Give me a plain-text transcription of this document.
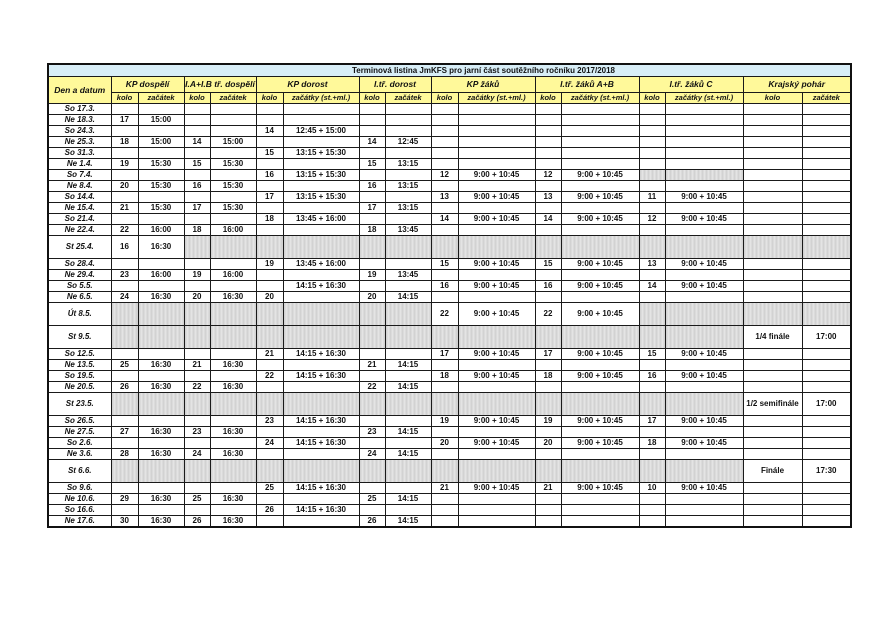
Terminová listina JmKFS pro jarní část soutěžního ročníku 2017/2018																
Den a datum	KP dospělí		I.A+I.B tř. dospělí		KP dorost		I.tř. dorost		KP žáků		I.tř. žáků A+B		I.tř. žáků C		Krajský pohár	
	kolo	začátek	kolo	začátek	kolo	začátky (st.+ml.)	kolo	začátek	kolo	začátky (st.+ml.)	kolo	začátky (st.+ml.)	kolo	začátky (st.+ml.)	kolo	začátek
So 17.3.																
Ne 18.3.	17	15:00														
So 24.3.					14	12:45 + 15:00										
Ne 25.3.	18	15:00	14	15:00			14	12:45								
So 31.3.					15	13:15 + 15:30										
Ne 1.4.	19	15:30	15	15:30			15	13:15								
So 7.4.					16	13:15 + 15:30			12	9:00 + 10:45	12	9:00 + 10:45				
Ne 8.4.	20	15:30	16	15:30			16	13:15								
So 14.4.					17	13:15 + 15:30			13	9:00 + 10:45	13	9:00 + 10:45	11	9:00 + 10:45		
Ne 15.4.	21	15:30	17	15:30			17	13:15								
So 21.4.					18	13:45 + 16:00			14	9:00 + 10:45	14	9:00 + 10:45	12	9:00 + 10:45		
Ne 22.4.	22	16:00	18	16:00			18	13:45								
St 25.4.	16	16:30														
So 28.4.					19	13:45 + 16:00			15	9:00 + 10:45	15	9:00 + 10:45	13	9:00 + 10:45		
Ne 29.4.	23	16:00	19	16:00			19	13:45								
So 5.5.						14:15 + 16:30			16	9:00 + 10:45	16	9:00 + 10:45	14	9:00 + 10:45		
Ne 6.5.	24	16:30	20	16:30	20		20	14:15								
Út 8.5.									22	9:00 + 10:45	22	9:00 + 10:45				
St 9.5.															1/4 finále	17:00
So 12.5.					21	14:15 + 16:30			17	9:00 + 10:45	17	9:00 + 10:45	15	9:00 + 10:45		
Ne 13.5.	25	16:30	21	16:30			21	14:15								
So 19.5.					22	14:15 + 16:30			18	9:00 + 10:45	18	9:00 + 10:45	16	9:00 + 10:45		
Ne 20.5.	26	16:30	22	16:30			22	14:15								
St 23.5.															1/2 semifinále	17:00
So 26.5.					23	14:15 + 16:30			19	9:00 + 10:45	19	9:00 + 10:45	17	9:00 + 10:45		
Ne 27.5.	27	16:30	23	16:30			23	14:15								
So 2.6.					24	14:15 + 16:30			20	9:00 + 10:45	20	9:00 + 10:45	18	9:00 + 10:45		
Ne 3.6.	28	16:30	24	16:30			24	14:15								
St 6.6.															Finále	17:30
So 9.6.					25	14:15 + 16:30			21	9:00 + 10:45	21	9:00 + 10:45	10	9:00 + 10:45		
Ne 10.6.	29	16:30	25	16:30			25	14:15								
So 16.6.					26	14:15 + 16:30										
Ne 17.6.	30	16:30	26	16:30			26	14:15								
